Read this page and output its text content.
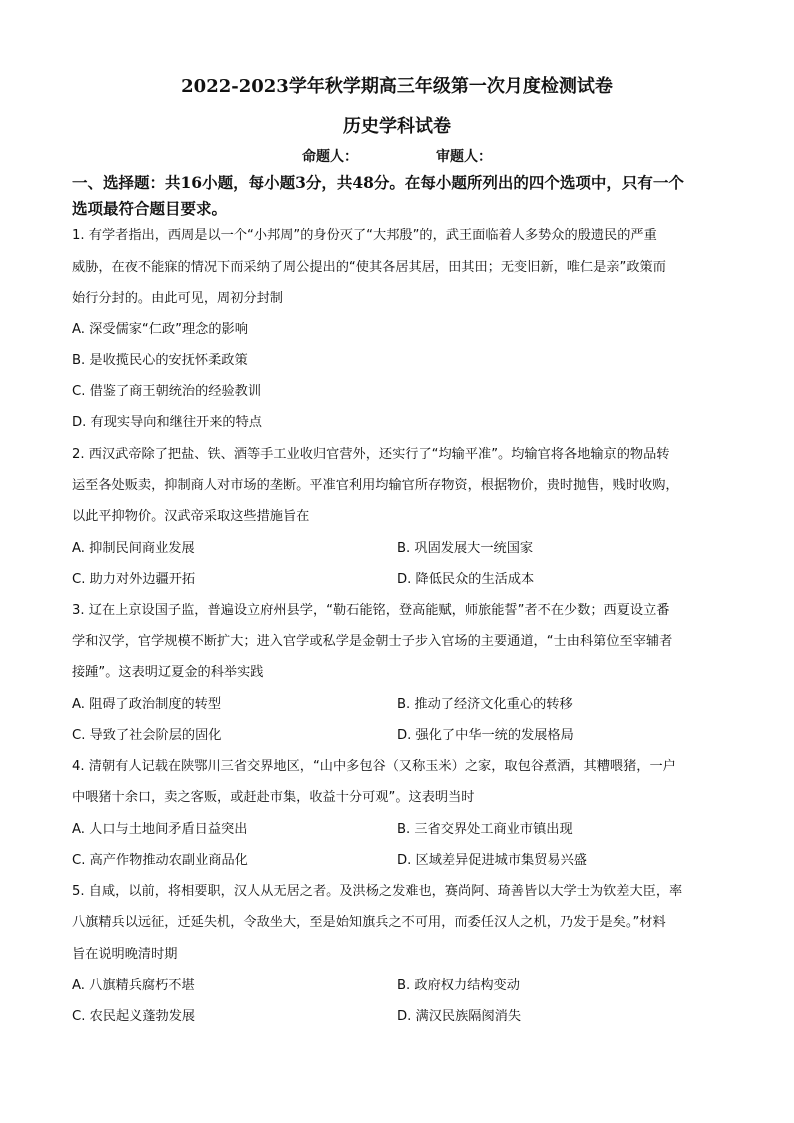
2022-2023学年秋学期高三年级第一次月度检测试卷
历史学科试卷
命题人：	审题人：
一、选择题：共16小题，每小题3分，共48分。在每小题所列出的四个选项中，只有一个
选项最符合题目要求。
1. 有学者指出，西周是以一个“小邦周”的身份灭了“大邦殷”的，武王面临着人多势众的殷遗民的严重
威胁，在夜不能寐的情况下而采纳了周公提出的“使其各居其居，田其田；无变旧新，唯仁是亲”政策而
始行分封的。由此可见，周初分封制
A. 深受儒家“仁政”理念的影响
B. 是收揽民心的安抚怀柔政策
C. 借鉴了商王朝统治的经验教训
D. 有现实导向和继往开来的特点
2. 西汉武帝除了把盐、铁、酒等手工业收归官营外，还实行了“均输平准”。均输官将各地输京的物品转
运至各处贩卖，抑制商人对市场的垄断。平准官利用均输官所存物资，根据物价，贵时抛售，贱时收购，
以此平抑物价。汉武帝采取这些措施旨在
A. 抑制民间商业发展	B. 巩固发展大一统国家
C. 助力对外边疆开拓	D. 降低民众的生活成本
3. 辽在上京设国子监，普遍设立府州县学，“勒石能铭，登高能赋，师旅能誓”者不在少数；西夏设立番
学和汉学，官学规模不断扩大；进入官学或私学是金朝士子步入官场的主要通道，“士由科第位至宰辅者
接踵”。这表明辽夏金的科举实践
A. 阻碍了政治制度的转型	B. 推动了经济文化重心的转移
C. 导致了社会阶层的固化	D. 强化了中华一统的发展格局
4. 清朝有人记载在陕鄂川三省交界地区，“山中多包谷（又称玉米）之家，取包谷煮酒，其糟喂猪，一户
中喂猪十余口，卖之客贩，或赶赴市集，收益十分可观”。这表明当时
A. 人口与土地间矛盾日益突出	B. 三省交界处工商业市镇出现
C. 高产作物推动农副业商品化	D. 区域差异促进城市集贸易兴盛
5. 自咸，以前，将相要职，汉人从无居之者。及洪杨之发难也，赛尚阿、琦善皆以大学士为钦差大臣，率
八旗精兵以远征，迁延失机，令敌坐大，至是始知旗兵之不可用，而委任汉人之机，乃发于是矣。”材料
旨在说明晚清时期
A. 八旗精兵腐朽不堪	B. 政府权力结构变动
C. 农民起义蓬勃发展	D. 满汉民族隔阂消失
